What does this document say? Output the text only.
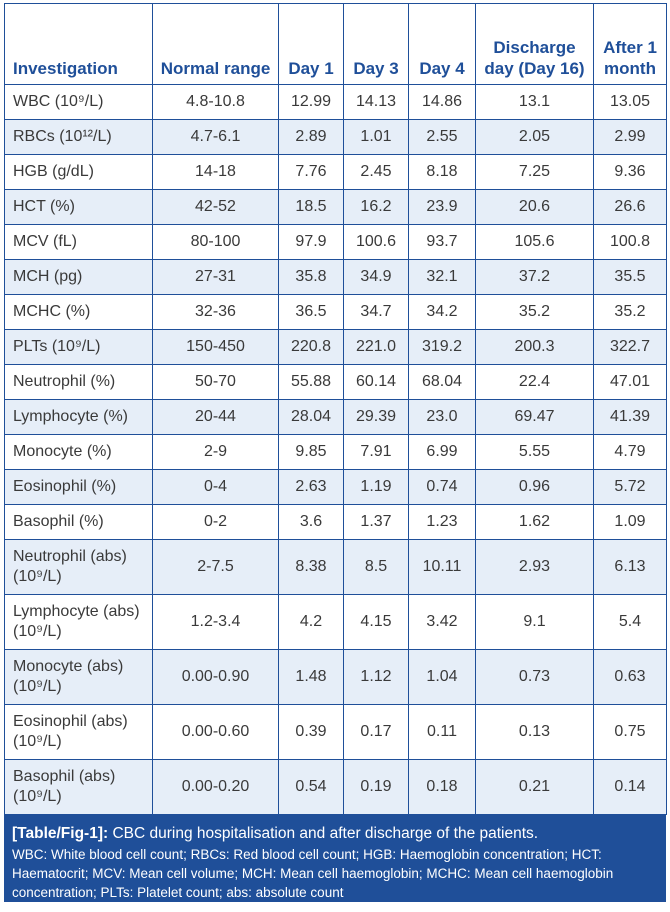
Investigation	Normal range	Day 1	Day 3	Day 4	Discharge day (Day 16)	After 1 month
WBC (10⁹/L)	4.8-10.8	12.99	14.13	14.86	13.1	13.05
RBCs (10¹²/L)	4.7-6.1	2.89	1.01	2.55	2.05	2.99
HGB (g/dL)	14-18	7.76	2.45	8.18	7.25	9.36
HCT (%)	42-52	18.5	16.2	23.9	20.6	26.6
MCV (fL)	80-100	97.9	100.6	93.7	105.6	100.8
MCH (pg)	27-31	35.8	34.9	32.1	37.2	35.5
MCHC (%)	32-36	36.5	34.7	34.2	35.2	35.2
PLTs (10⁹/L)	150-450	220.8	221.0	319.2	200.3	322.7
Neutrophil (%)	50-70	55.88	60.14	68.04	22.4	47.01
Lymphocyte (%)	20-44	28.04	29.39	23.0	69.47	41.39
Monocyte (%)	2-9	9.85	7.91	6.99	5.55	4.79
Eosinophil (%)	0-4	2.63	1.19	0.74	0.96	5.72
Basophil (%)	0-2	3.6	1.37	1.23	1.62	1.09
Neutrophil (abs) (10⁹/L)	2-7.5	8.38	8.5	10.11	2.93	6.13
Lymphocyte (abs) (10⁹/L)	1.2-3.4	4.2	4.15	3.42	9.1	5.4
Monocyte (abs) (10⁹/L)	0.00-0.90	1.48	1.12	1.04	0.73	0.63
Eosinophil (abs) (10⁹/L)	0.00-0.60	0.39	0.17	0.11	0.13	0.75
Basophil (abs) (10⁹/L)	0.00-0.20	0.54	0.19	0.18	0.21	0.14
[Table/Fig-1]: CBC during hospitalisation and after discharge of the patients.
WBC: White blood cell count; RBCs: Red blood cell count; HGB: Haemoglobin concentration; HCT: Haematocrit; MCV: Mean cell volume; MCH: Mean cell haemoglobin; MCHC: Mean cell haemoglobin concentration; PLTs: Platelet count; abs: absolute count
